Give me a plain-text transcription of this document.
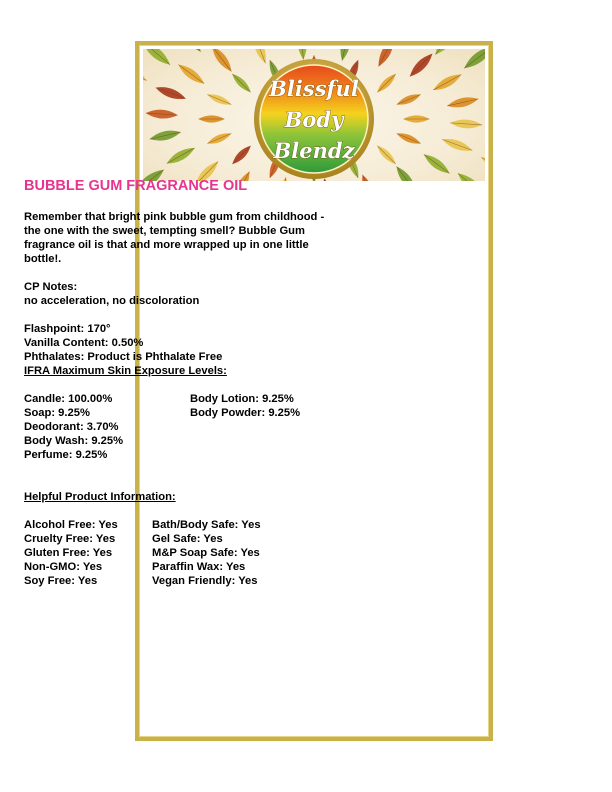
Blissful
Body
Blendz
BUBBLE GUM FRAGRANCE OIL

Remember that bright pink bubble gum from childhood - the one with the sweet, tempting smell? Bubble Gum fragrance oil is that and more wrapped up in one little bottle!.

CP Notes:
no acceleration, no discoloration
Flashpoint: 170°
Vanilla Content: 0.50%
Phthalates: Product is Phthalate Free
IFRA Maximum Skin Exposure Levels:
Candle: 100.00%	Body Lotion: 9.25%
Soap: 9.25%	Body Powder: 9.25%
Deodorant: 3.70%
Body Wash: 9.25%
Perfume: 9.25%
Helpful Product Information:
Alcohol Free: Yes	Bath/Body Safe: Yes
Cruelty Free: Yes	Gel Safe: Yes
Gluten Free: Yes	M&P Soap Safe: Yes
Non-GMO: Yes	Paraffin Wax: Yes
Soy Free: Yes	Vegan Friendly: Yes
